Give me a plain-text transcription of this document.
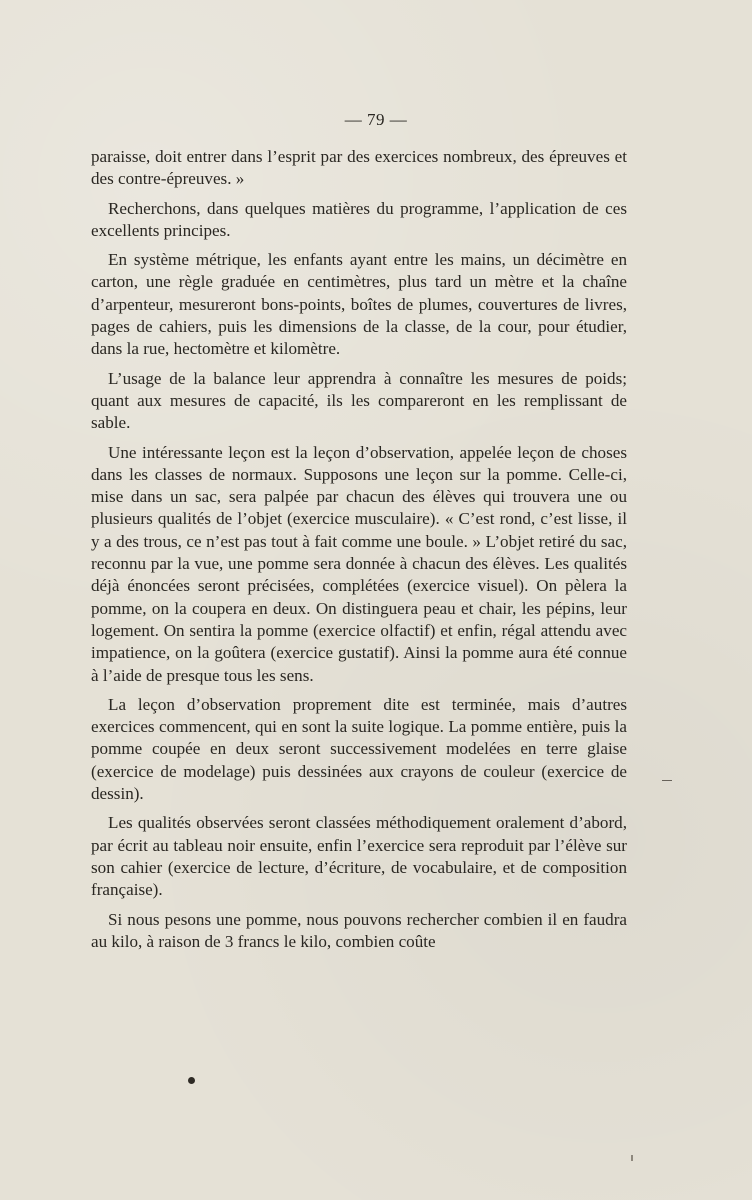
— 79 —

paraisse, doit entrer dans l’esprit par des exercices nombreux, des épreuves et des contre-épreuves. »

Recherchons, dans quelques matières du programme, l’application de ces excellents principes.

En système métrique, les enfants ayant entre les mains, un décimètre en carton, une règle graduée en centimètres, plus tard un mètre et la chaîne d’arpenteur, mesureront bons-points, boîtes de plumes, couvertures de livres, pages de cahiers, puis les dimensions de la classe, de la cour, pour étudier, dans la rue, hectomètre et kilomètre.

L’usage de la balance leur apprendra à connaître les mesures de poids; quant aux mesures de capacité, ils les compareront en les remplissant de sable.

Une intéressante leçon est la leçon d’observation, appelée leçon de choses dans les classes de normaux. Supposons une leçon sur la pomme. Celle-ci, mise dans un sac, sera palpée par chacun des élèves qui trouvera une ou plusieurs qualités de l’objet (exercice musculaire). « C’est rond, c’est lisse, il y a des trous, ce n’est pas tout à fait comme une boule. » L’objet retiré du sac, reconnu par la vue, une pomme sera donnée à chacun des élèves. Les qualités déjà énoncées seront précisées, complétées (exercice visuel). On pèlera la pomme, on la coupera en deux. On distinguera peau et chair, les pépins, leur logement. On sentira la pomme (exercice olfactif) et enfin, régal attendu avec impatience, on la goûtera (exercice gustatif). Ainsi la pomme aura été connue à l’aide de presque tous les sens.

La leçon d’observation proprement dite est terminée, mais d’autres exercices commencent, qui en sont la suite logique. La pomme entière, puis la pomme coupée en deux seront successivement modelées en terre glaise (exercice de modelage) puis dessinées aux crayons de couleur (exercice de dessin).

Les qualités observées seront classées méthodiquement oralement d’abord, par écrit au tableau noir ensuite, enfin l’exercice sera reproduit par l’élève sur son cahier (exercice de lecture, d’écriture, de vocabulaire, et de composition française).

Si nous pesons une pomme, nous pouvons rechercher combien il en faudra au kilo, à raison de 3 francs le kilo, combien coûte
